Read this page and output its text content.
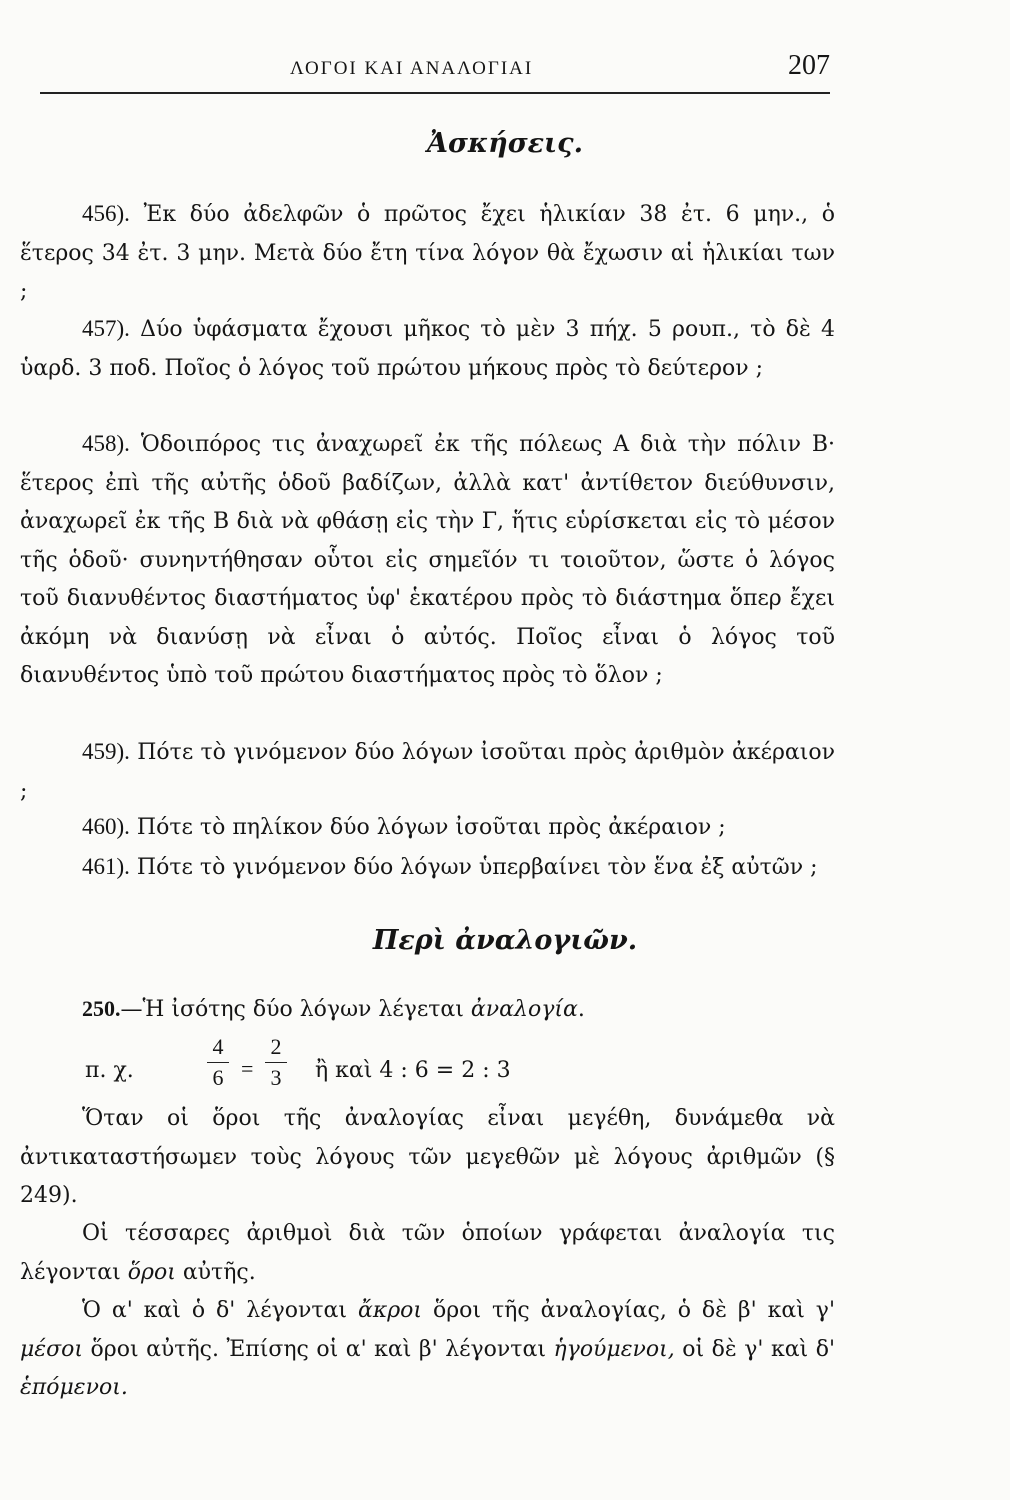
ΛΟΓΟΙ ΚΑΙ ΑΝΑΛΟΓΙΑΙ	207
Ἀσκήσεις.

456). Ἐκ δύο ἀδελφῶν ὁ πρῶτος ἔχει ἡλικίαν 38 ἐτ. 6 μην., ὁ ἕτερος 34 ἐτ. 3 μην. Μετὰ δύο ἔτη τίνα λόγον θὰ ἔχωσιν αἱ ἡλικίαι των ;

457). Δύο ὑφάσματα ἔχουσι μῆκος τὸ μὲν 3 πήχ. 5 ρουπ., τὸ δὲ 4 ὑαρδ. 3 ποδ. Ποῖος ὁ λόγος τοῦ πρώτου μήκους πρὸς τὸ δεύτερον ;

458). Ὁδοιπόρος τις ἀναχωρεῖ ἐκ τῆς πόλεως Α διὰ τὴν πόλιν Β· ἕτερος ἐπὶ τῆς αὐτῆς ὁδοῦ βαδίζων, ἀλλὰ κατ' ἀντίθετον διεύθυνσιν, ἀναχωρεῖ ἐκ τῆς Β διὰ νὰ φθάσῃ εἰς τὴν Γ, ἥτις εὑρίσκεται εἰς τὸ μέσον τῆς ὁδοῦ· συνηντήθησαν οὗτοι εἰς σημεῖόν τι τοιοῦτον, ὥστε ὁ λόγος τοῦ διανυθέντος διαστήματος ὑφ' ἑκατέρου πρὸς τὸ διάστημα ὅπερ ἔχει ἀκόμη νὰ διανύσῃ νὰ εἶναι ὁ αὐτός. Ποῖος εἶναι ὁ λόγος τοῦ διανυθέντος ὑπὸ τοῦ πρώτου διαστήματος πρὸς τὸ ὅλον ;

459). Πότε τὸ γινόμενον δύο λόγων ἰσοῦται πρὸς ἀριθμὸν ἀκέραιον ;

460). Πότε τὸ πηλίκον δύο λόγων ἰσοῦται πρὸς ἀκέραιον ;

461). Πότε τὸ γινόμενον δύο λόγων ὑπερβαίνει τὸν ἕνα ἐξ αὐτῶν ;

Περὶ ἀναλογιῶν.

250.—Ἡ ἰσότης δύο λόγων λέγεται ἀναλογία.

π. χ.
4
6 =
2
3 ἢ καὶ 4 : 6 = 2 : 3

Ὅταν οἱ ὅροι τῆς ἀναλογίας εἶναι μεγέθη, δυνάμεθα νὰ ἀντικαταστήσωμεν τοὺς λόγους τῶν μεγεθῶν μὲ λόγους ἀριθμῶν (§ 249).

Οἱ τέσσαρες ἀριθμοὶ διὰ τῶν ὁποίων γράφεται ἀναλογία τις λέγονται ὅροι αὐτῆς.

Ὁ α' καὶ ὁ δ' λέγονται ἄκροι ὅροι τῆς ἀναλογίας, ὁ δὲ β' καὶ γ' μέσοι ὅροι αὐτῆς. Ἐπίσης οἱ α' καὶ β' λέγονται ἡγούμενοι, οἱ δὲ γ' καὶ δ' ἑπόμενοι.
